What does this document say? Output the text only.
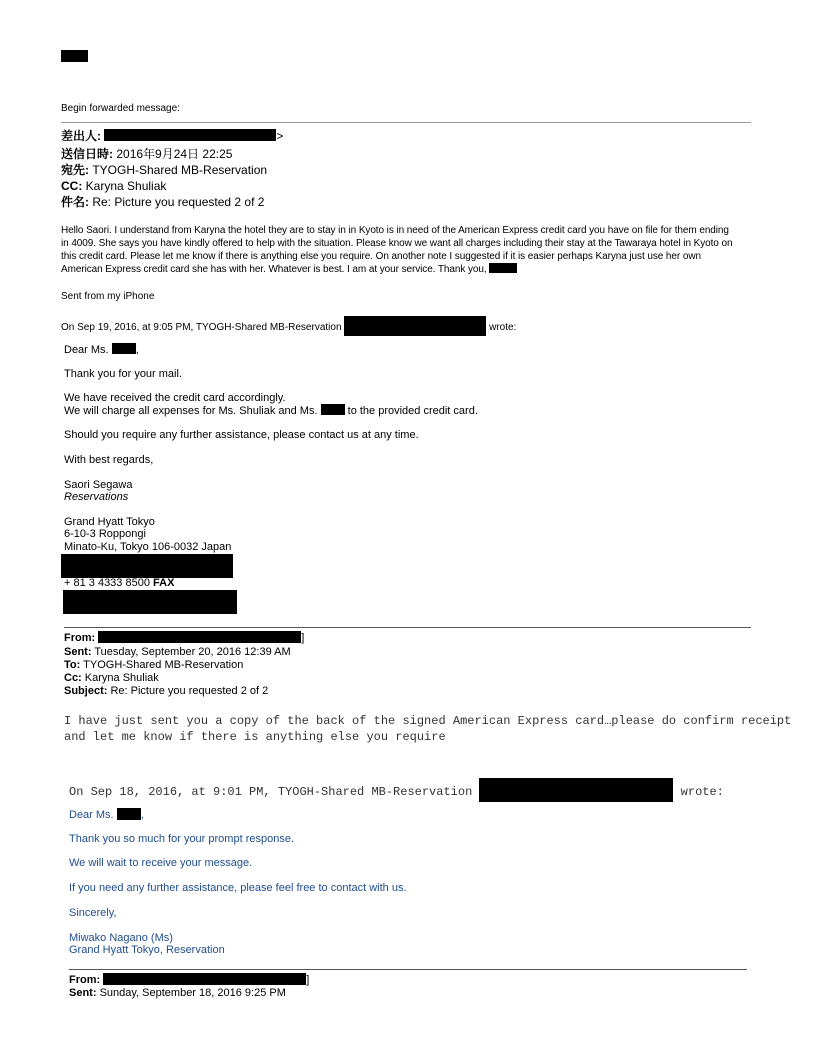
Begin forwarded message:
差出人:	>
送信日時: 2016年9月24日 22:25
宛先: TYOGH-Shared MB-Reservation
CC: Karyna Shuliak
件名: Re: Picture you requested 2 of 2
Hello Saori. I understand from Karyna the hotel they are to stay in in Kyoto is in need of the American Express credit card you have on file for them ending
in 4009. She says you have kindly offered to help with the situation. Please know we want all charges including their stay at the Tawaraya hotel in Kyoto on
this credit card. Please let me know if there is anything else you require. On another note I suggested if it is easier perhaps Karyna just use her own
American Express credit card she has with her. Whatever is best. I am at your service. Thank you,
Sent from my iPhone
On Sep 19, 2016, at 9:05 PM, TYOGH-Shared MB-Reservation	wrote:
Dear Ms. ,
Thank you for your mail.
We have received the credit card accordingly.
We will charge all expenses for Ms. Shuliak and Ms.	to the provided credit card.
Should you require any further assistance, please contact us at any time.
With best regards,
Saori Segawa
Reservations
Grand Hyatt Tokyo
6-10-3 Roppongi
Minato-Ku, Tokyo 106-0032 Japan
+ 81 3 4333 8500 FAX
From:	]
Sent: Tuesday, September 20, 2016 12:39 AM
To: TYOGH-Shared MB-Reservation
Cc: Karyna Shuliak
Subject: Re: Picture you requested 2 of 2
I have just sent you a copy of the back of the signed American Express card…please do confirm receipt
and let me know if there is anything else you require
On Sep 18, 2016, at 9:01 PM, TYOGH-Shared MB-Reservation	wrote:
Dear Ms. ,
Thank you so much for your prompt response.
We will wait to receive your message.
If you need any further assistance, please feel free to contact with us.
Sincerely,
Miwako Nagano (Ms)
Grand Hyatt Tokyo, Reservation
From:	]
Sent: Sunday, September 18, 2016 9:25 PM
